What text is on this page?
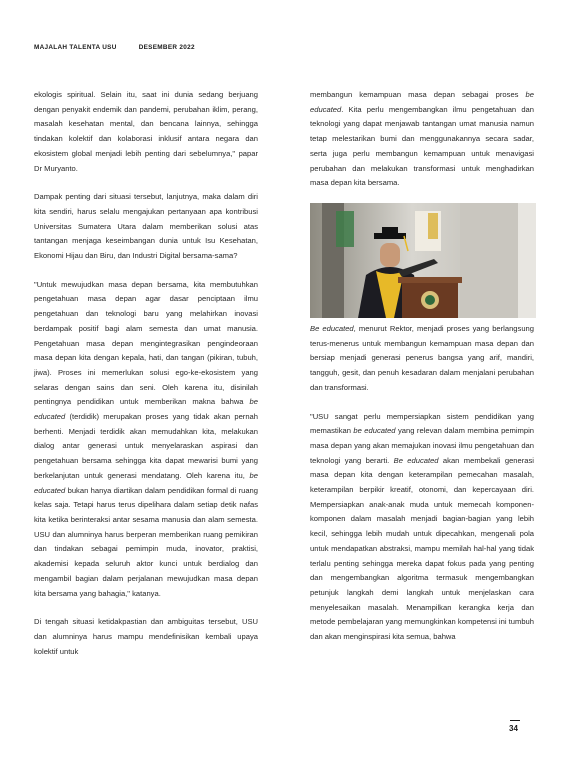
MAJALAH TALENTA USU	DESEMBER 2022

ekologis spiritual. Selain itu, saat ini dunia sedang berjuang dengan penyakit endemik dan pandemi, perubahan iklim, perang, masalah kesehatan mental, dan bencana lainnya, sehingga tindakan kolektif dan kolaborasi inklusif antara negara dan ekosistem global menjadi lebih penting dari sebelumnya," papar Dr Muryanto.

Dampak penting dari situasi tersebut, lanjutnya, maka dalam diri kita sendiri, harus selalu mengajukan pertanyaan apa kontribusi Universitas Sumatera Utara dalam memberikan solusi atas tantangan menjaga keseimbangan dunia untuk Isu Kesehatan, Ekonomi Hijau dan Biru, dan Industri Digital bersama-sama?

"Untuk mewujudkan masa depan bersama, kita membutuhkan pengetahuan masa depan agar dasar penciptaan ilmu pengetahuan dan teknologi baru yang melahirkan inovasi berdampak positif bagi alam semesta dan umat manusia. Pengetahuan masa depan mengintegrasikan pengindeoraan masa depan kita dengan kepala, hati, dan tangan (pikiran, tubuh, jiwa). Proses ini memerlukan solusi ego-ke-ekosistem yang selaras dengan sains dan seni. Oleh karena itu, disinilah pentingnya pendidikan untuk memberikan makna bahwa be educated (terdidik) merupakan proses yang tidak akan pernah berhenti. Menjadi terdidik akan memudahkan kita, melakukan dialog antar generasi untuk menyelaraskan aspirasi dan pengetahuan bersama sehingga kita dapat mewarisi bumi yang berkelanjutan untuk generasi mendatang. Oleh karena itu, be educated bukan hanya diartikan dalam pendidikan formal di ruang kelas saja. Tetapi harus terus dipelihara dalam setiap detik nafas kita ketika berinteraksi antar sesama manusia dan alam semesta. USU dan alumninya harus berperan memberikan ruang pemikiran dan tindakan sebagai pemimpin muda, inovator, praktisi, akademisi kepada seluruh aktor kunci untuk berdialog dan mengambil bagian dalam perjalanan mewujudkan masa depan kita bersama yang bahagia," katanya.

Di tengah situasi ketidakpastian dan ambiguitas tersebut, USU dan alumninya harus mampu mendefinisikan kembali upaya kolektif untuk

membangun kemampuan masa depan sebagai proses be educated. Kita perlu mengembangkan ilmu pengetahuan dan teknologi yang dapat menjawab tantangan umat manusia namun tetap melestarikan bumi dan menggunakannya secara sadar, serta juga perlu membangun kemampuan untuk menavigasi perubahan dan melakukan transformasi untuk menghadirkan masa depan kita bersama.

Be educated, menurut Rektor, menjadi proses yang berlangsung terus-menerus untuk membangun kemampuan masa depan dan bersiap menjadi generasi penerus bangsa yang arif, mandiri, tangguh, gesit, dan penuh kesadaran dalam menjalani perubahan dan transformasi.

"USU sangat perlu mempersiapkan sistem pendidikan yang memastikan be educated yang relevan dalam membina pemimpin masa depan yang akan memajukan inovasi ilmu pengetahuan dan teknologi yang berarti. Be educated akan membekali generasi masa depan kita dengan keterampilan pemecahan masalah, keterampilan berpikir kreatif, otonomi, dan kepercayaan diri. Mempersiapkan anak-anak muda untuk memecah komponen-komponen dalam masalah menjadi bagian-bagian yang lebih kecil, sehingga lebih mudah untuk dipecahkan, mengenali pola untuk mendapatkan abstraksi, mampu memilah hal-hal yang tidak terlalu penting sehingga mereka dapat fokus pada yang penting dan mengembangkan algoritma termasuk mengembangkan petunjuk langkah demi langkah untuk menjelaskan cara menyelesaikan masalah. Menampilkan kerangka kerja dan metode pembelajaran yang memungkinkan kompetensi ini tumbuh dan akan menginspirasi kita semua, bahwa

34
